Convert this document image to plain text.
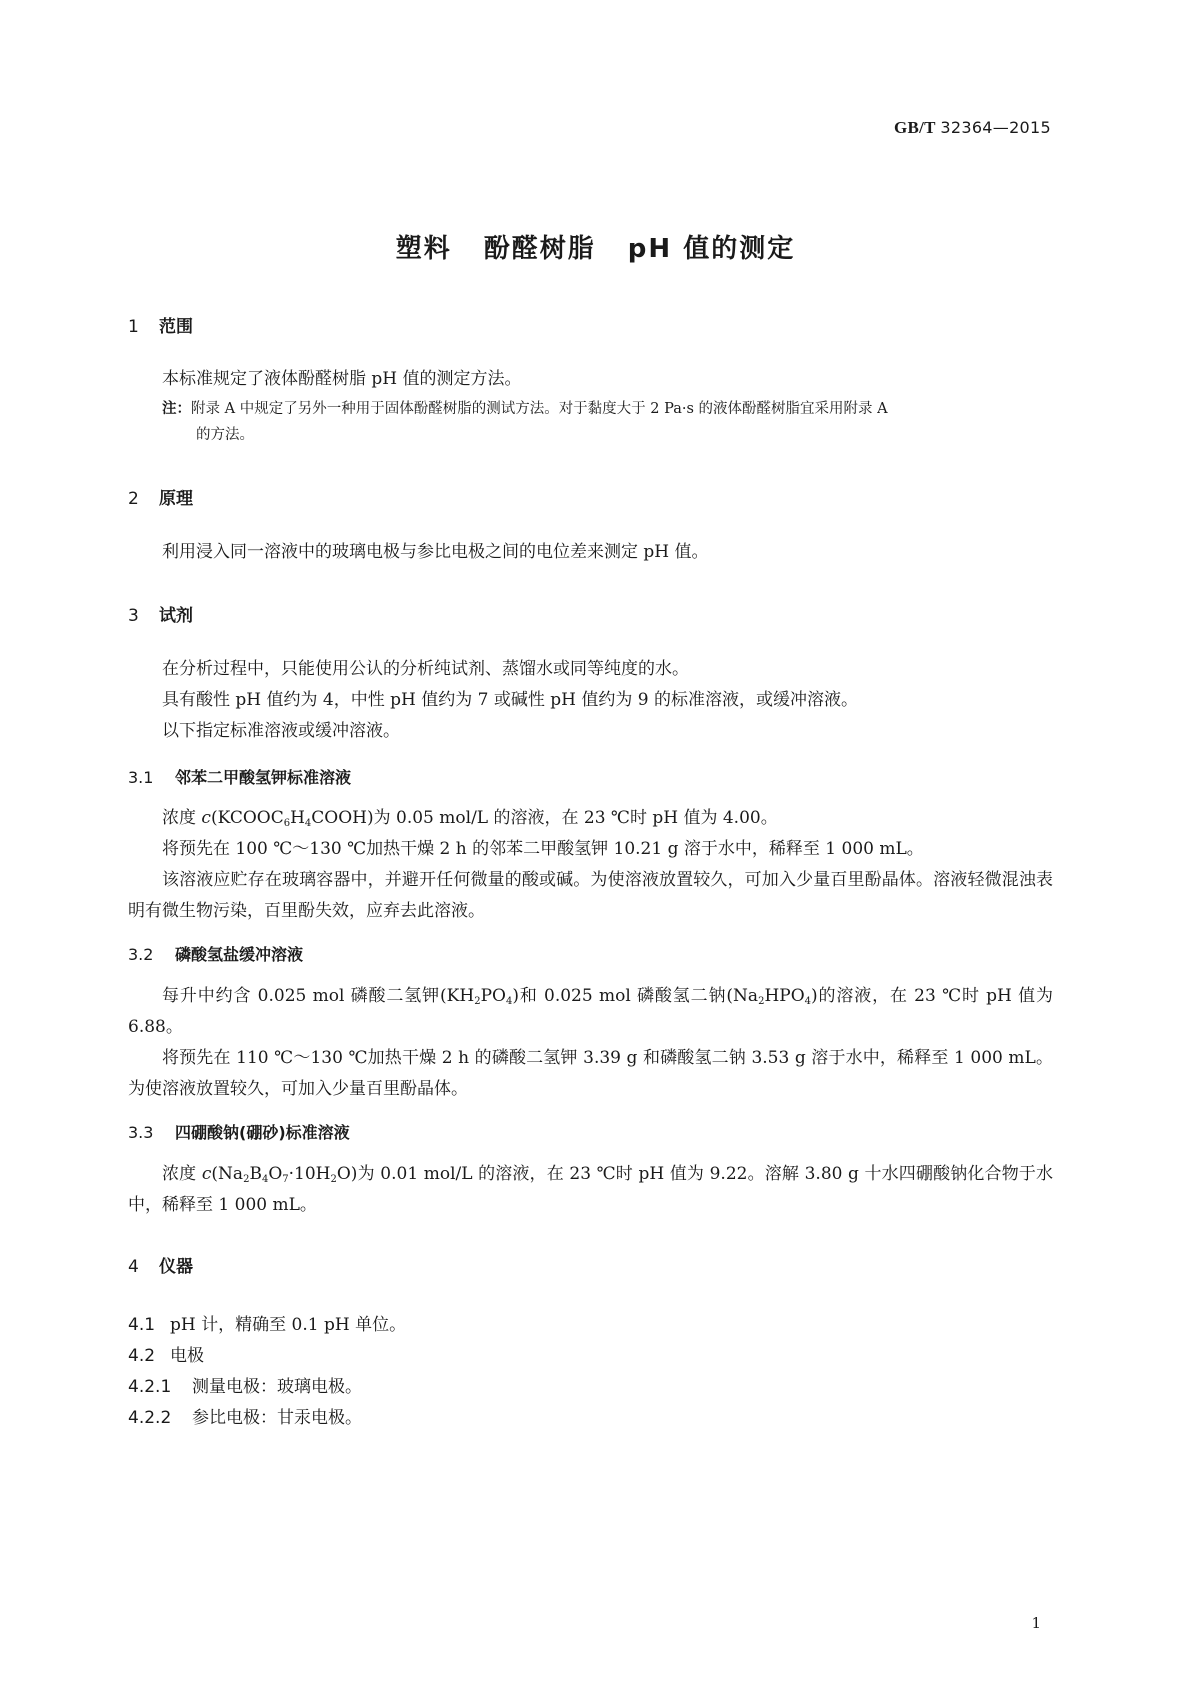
GB/T 32364—2015
塑料 酚醛树脂 pH 值的测定
1 范围
本标准规定了液体酚醛树脂 pH 值的测定方法。
注：附录 A 中规定了另外一种用于固体酚醛树脂的测试方法。对于黏度大于 2 Pa·s 的液体酚醛树脂宜采用附录 A
的方法。
2 原理
利用浸入同一溶液中的玻璃电极与参比电极之间的电位差来测定 pH 值。
3 试剂
在分析过程中，只能使用公认的分析纯试剂、蒸馏水或同等纯度的水。
具有酸性 pH 值约为 4，中性 pH 值约为 7 或碱性 pH 值约为 9 的标准溶液，或缓冲溶液。
以下指定标准溶液或缓冲溶液。
3.1 邻苯二甲酸氢钾标准溶液
浓度 $c(KCOOC_6H_4COOH)$为 0.05 mol/L 的溶液，在 23 ℃时 pH 值为 4.00。
将预先在 100 ℃～130 ℃加热干燥 2 h 的邻苯二甲酸氢钾 10.21 g 溶于水中，稀释至 1 000 mL。
该溶液应贮存在玻璃容器中，并避开任何微量的酸或碱。为使溶液放置较久，可加入少量百里酚晶体。溶液轻微混浊表明有微生物污染，百里酚失效，应弃去此溶液。
3.2 磷酸氢盐缓冲溶液
每升中约含 0.025 mol 磷酸二氢钾$(KH_2PO_4)$和 0.025 mol 磷酸氢二钠$(Na_2HPO_4)$的溶液，在 23 ℃时 pH 值为 6.88。
将预先在 110 ℃～130 ℃加热干燥 2 h 的磷酸二氢钾 3.39 g 和磷酸氢二钠 3.53 g 溶于水中，稀释至 1 000 mL。为使溶液放置较久，可加入少量百里酚晶体。
3.3 四硼酸钠(硼砂)标准溶液
浓度 $c(Na_2B_4O_7\cdot 10H_2O)$为 0.01 mol/L 的溶液，在 23 ℃时 pH 值为 9.22。溶解 3.80 g 十水四硼酸钠化合物于水中，稀释至 1 000 mL。
4 仪器
4.1 pH 计，精确至 0.1 pH 单位。
4.2 电极
4.2.1 测量电极：玻璃电极。
4.2.2 参比电极：甘汞电极。
1
